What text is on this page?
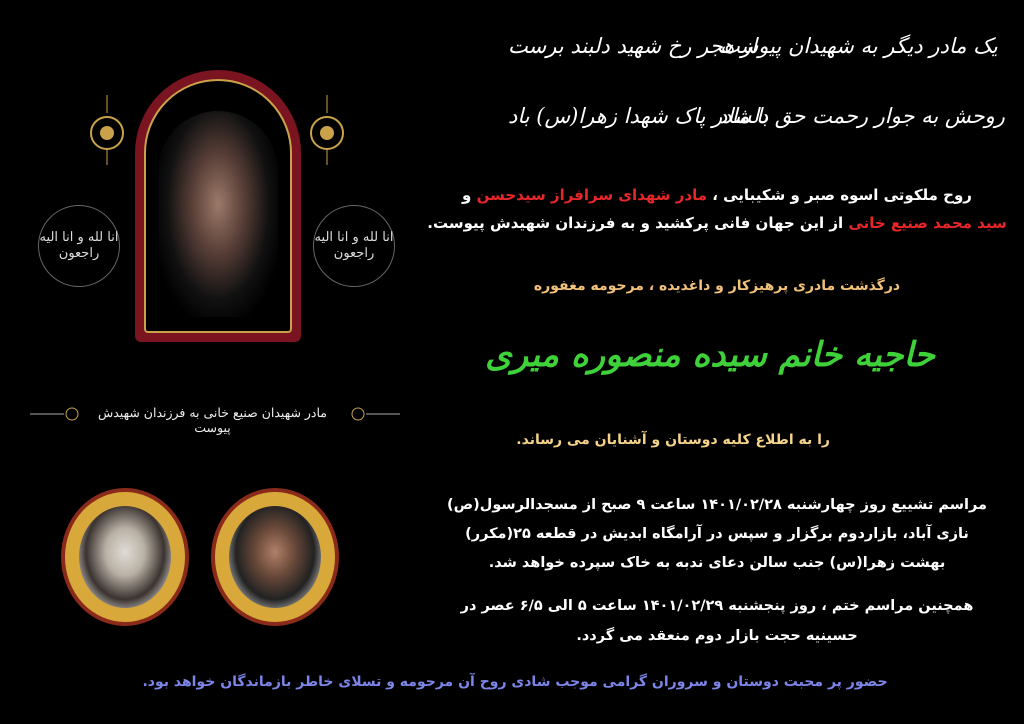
یک مادر دیگر به شهیدان پیوست
از هجر رخ شهید دلبند برست
روحش به جوار رحمت حق دلشاد
با مادر پاک شهدا زهرا(س) باد
انا لله و انا الیه راجعون
انا لله و انا الیه راجعون
مادر شهیدان صنیع خانی به فرزندان شهیدش پیوست
روح ملکوتی اسوه صبر و شکیبایی ، مادر شهدای سرافراز سیدحسن و
سید محمد صنیع خانی از این جهان فانی پرکشید و به فرزندان شهیدش پیوست.
درگذشت مادری پرهیزکار و داغدیده ، مرحومه مغفوره
حاجیه خانم سیده منصوره میری
را به اطلاع کلیه دوستان و آشنایان می رساند.
مراسم تشییع روز چهارشنبه ۱۴۰۱/۰۲/۲۸ ساعت ۹ صبح از مسجدالرسول(ص)
نازی آباد، بازاردوم برگزار و سپس در آرامگاه ابدیش در قطعه ۲۵(مکرر)
بهشت زهرا(س) جنب سالن دعای ندبه به خاک سپرده خواهد شد.
همچنین مراسم ختم ، روز پنجشنبه ۱۴۰۱/۰۲/۲۹ ساعت ۵ الی ۶/۵ عصر در
حسینیه حجت بازار دوم منعقد می گردد.
حضور پر محبت دوستان و سروران گرامی موجب شادی روح آن مرحومه و تسلای خاطر بازماندگان خواهد بود.
